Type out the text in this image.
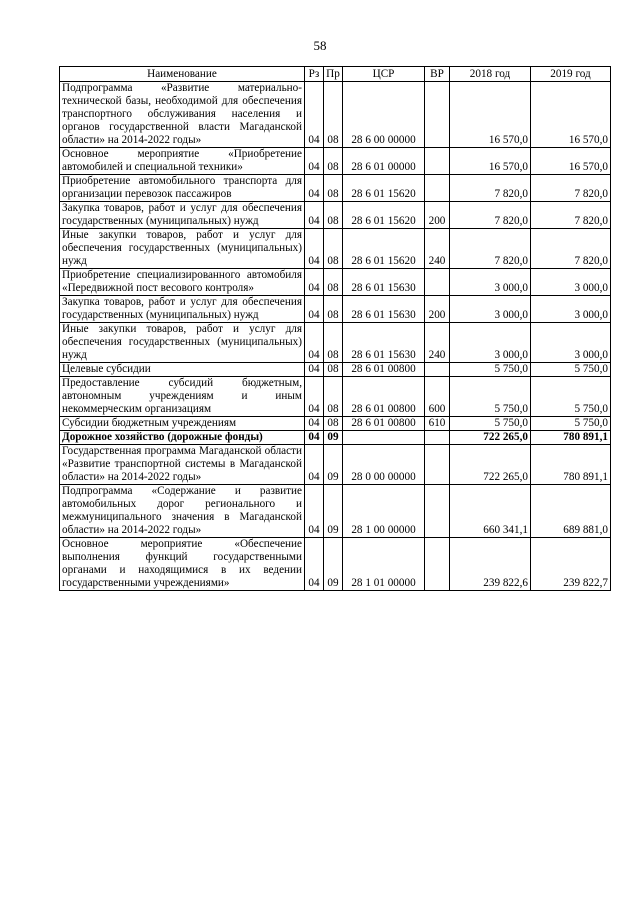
58
Наименование	Рз	Пр	ЦСР	ВР	2018 год	2019 год
Подпрограмма «Развитие материально-технической базы, необходимой для обеспечения транспортного обслуживания населения и органов государственной власти Магаданской области» на 2014-2022 годы»	04	08	28 6 00 00000		16 570,0	16 570,0
Основное мероприятие «Приобретение автомобилей и специальной техники»	04	08	28 6 01 00000		16 570,0	16 570,0
Приобретение автомобильного транспорта для организации перевозок пассажиров	04	08	28 6 01 15620		7 820,0	7 820,0
Закупка товаров, работ и услуг для обеспечения государственных (муниципальных) нужд	04	08	28 6 01 15620	200	7 820,0	7 820,0
Иные закупки товаров, работ и услуг для обеспечения государственных (муниципальных) нужд	04	08	28 6 01 15620	240	7 820,0	7 820,0
Приобретение специализированного автомобиля «Передвижной пост весового контроля»	04	08	28 6 01 15630		3 000,0	3 000,0
Закупка товаров, работ и услуг для обеспечения государственных (муниципальных) нужд	04	08	28 6 01 15630	200	3 000,0	3 000,0
Иные закупки товаров, работ и услуг для обеспечения государственных (муниципальных) нужд	04	08	28 6 01 15630	240	3 000,0	3 000,0
Целевые субсидии	04	08	28 6 01 00800		5 750,0	5 750,0
Предоставление субсидий бюджетным, автономным учреждениям и иным некоммерческим организациям	04	08	28 6 01 00800	600	5 750,0	5 750,0
Субсидии бюджетным учреждениям	04	08	28 6 01 00800	610	5 750,0	5 750,0
Дорожное хозяйство (дорожные фонды)	04	09			722 265,0	780 891,1
Государственная программа Магаданской области «Развитие транспортной системы в Магаданской области» на 2014-2022 годы»	04	09	28 0 00 00000		722 265,0	780 891,1
Подпрограмма «Содержание и развитие автомобильных дорог регионального и межмуниципального значения в Магаданской области» на 2014-2022 годы»	04	09	28 1 00 00000		660 341,1	689 881,0
Основное мероприятие «Обеспечение выполнения функций государственными органами и находящимися в их ведении государственными учреждениями»	04	09	28 1 01 00000		239 822,6	239 822,7
